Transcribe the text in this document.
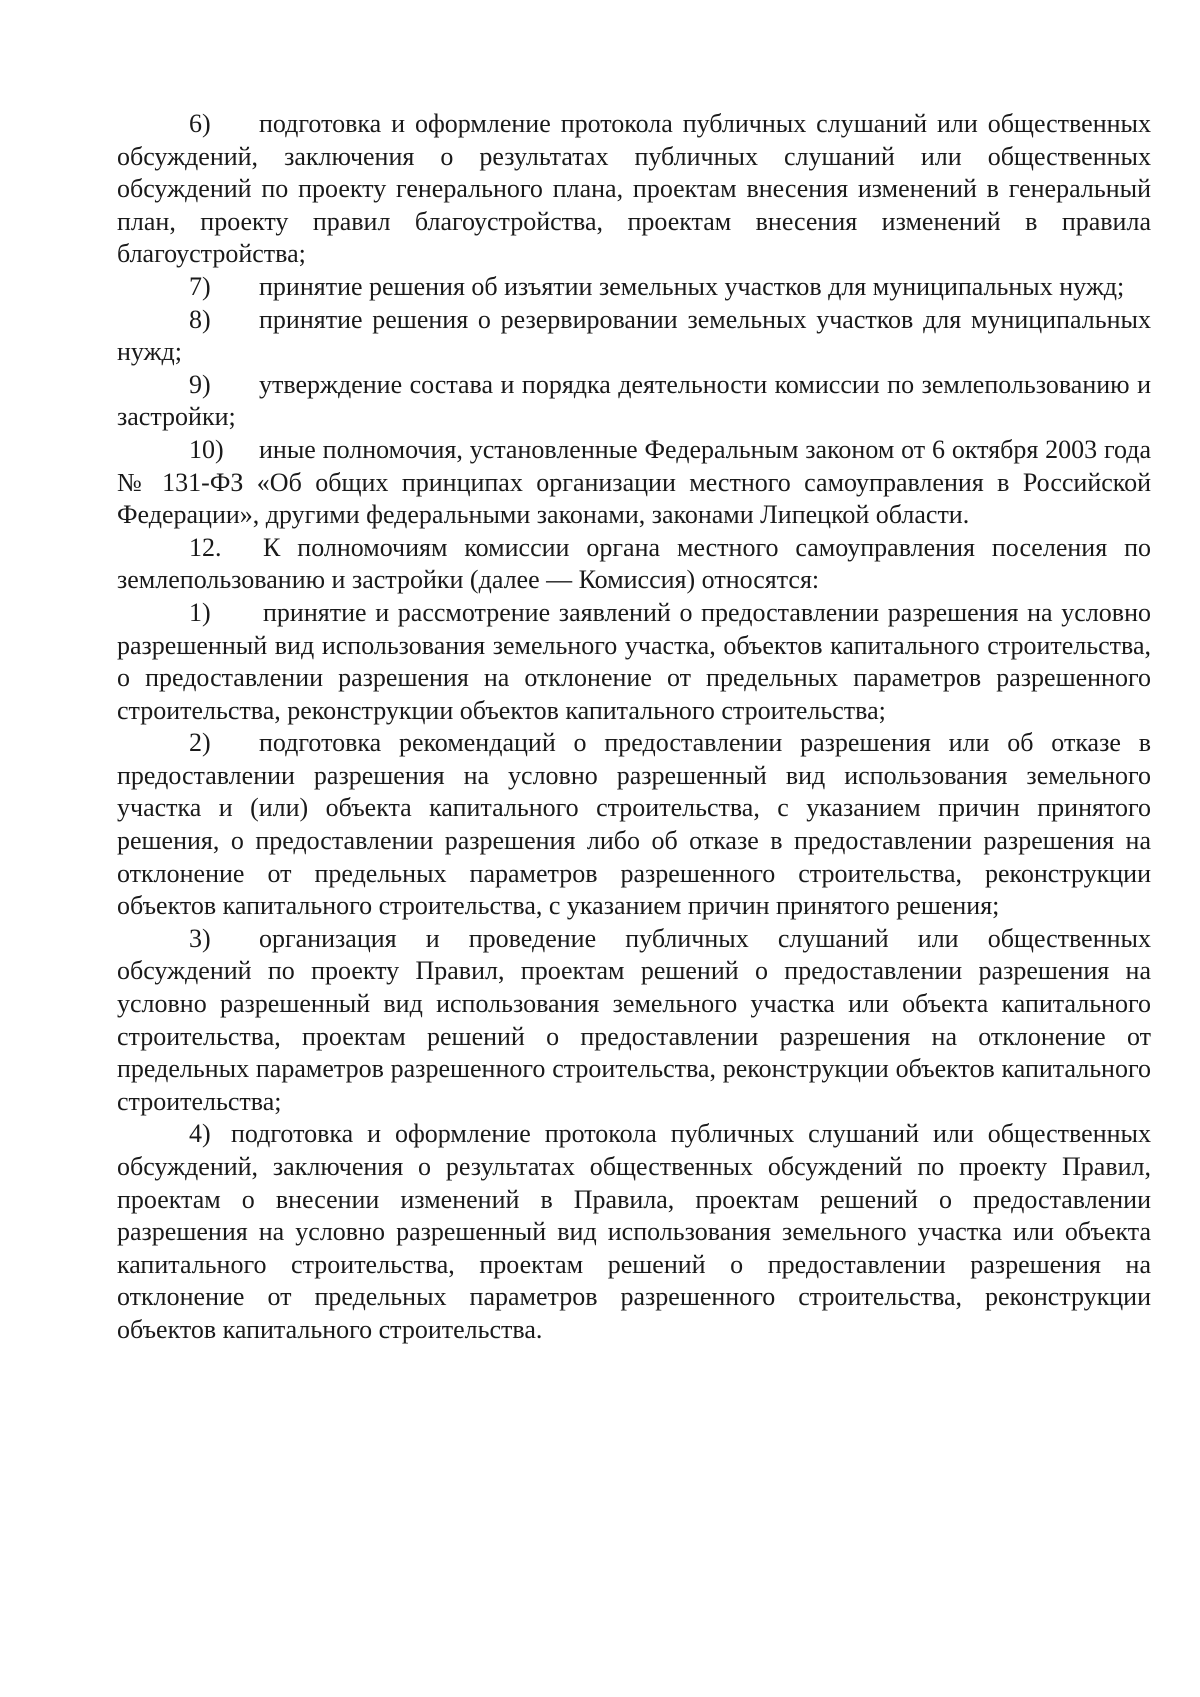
6) подготовка и оформление протокола публичных слушаний или общественных обсуждений, заключения о результатах публичных слушаний или общественных обсуждений по проекту генерального плана, проектам внесения изменений в генеральный план, проекту правил благоустройства, проектам внесения изменений в правила благоустройства;

7) принятие решения об изъятии земельных участков для муниципальных нужд;

8) принятие решения о резервировании земельных участков для муниципальных нужд;

9) утверждение состава и порядка деятельности комиссии по землепользованию и застройки;

10) иные полномочия, установленные Федеральным законом от 6 октября 2003 года № 131-ФЗ «Об общих принципах организации местного самоуправления в Российской Федерации», другими федеральными законами, законами Липецкой области.

12. К полномочиям комиссии органа местного самоуправления поселения по землепользованию и застройки (далее — Комиссия) относятся:

1) принятие и рассмотрение заявлений о предоставлении разрешения на условно разрешенный вид использования земельного участка, объектов капитального строительства, о предоставлении разрешения на отклонение от предельных параметров разрешенного строительства, реконструкции объектов капитального строительства;

2) подготовка рекомендаций о предоставлении разрешения или об отказе в предоставлении разрешения на условно разрешенный вид использования земельного участка и (или) объекта капитального строительства, с указанием причин принятого решения, о предоставлении разрешения либо об отказе в предоставлении разрешения на отклонение от предельных параметров разрешенного строительства, реконструкции объектов капитального строительства, с указанием причин принятого решения;

3) организация и проведение публичных слушаний или общественных обсуждений по проекту Правил, проектам решений о предоставлении разрешения на условно разрешенный вид использования земельного участка или объекта капитального строительства, проектам решений о предоставлении разрешения на отклонение от предельных параметров разрешенного строительства, реконструкции объектов капитального строительства;

4) подготовка и оформление протокола публичных слушаний или общественных обсуждений, заключения о результатах общественных обсуждений по проекту Правил, проектам о внесении изменений в Правила, проектам решений о предоставлении разрешения на условно разрешенный вид использования земельного участка или объекта капитального строительства, проектам решений о предоставлении разрешения на отклонение от предельных параметров разрешенного строительства, реконструкции объектов капитального строительства.
